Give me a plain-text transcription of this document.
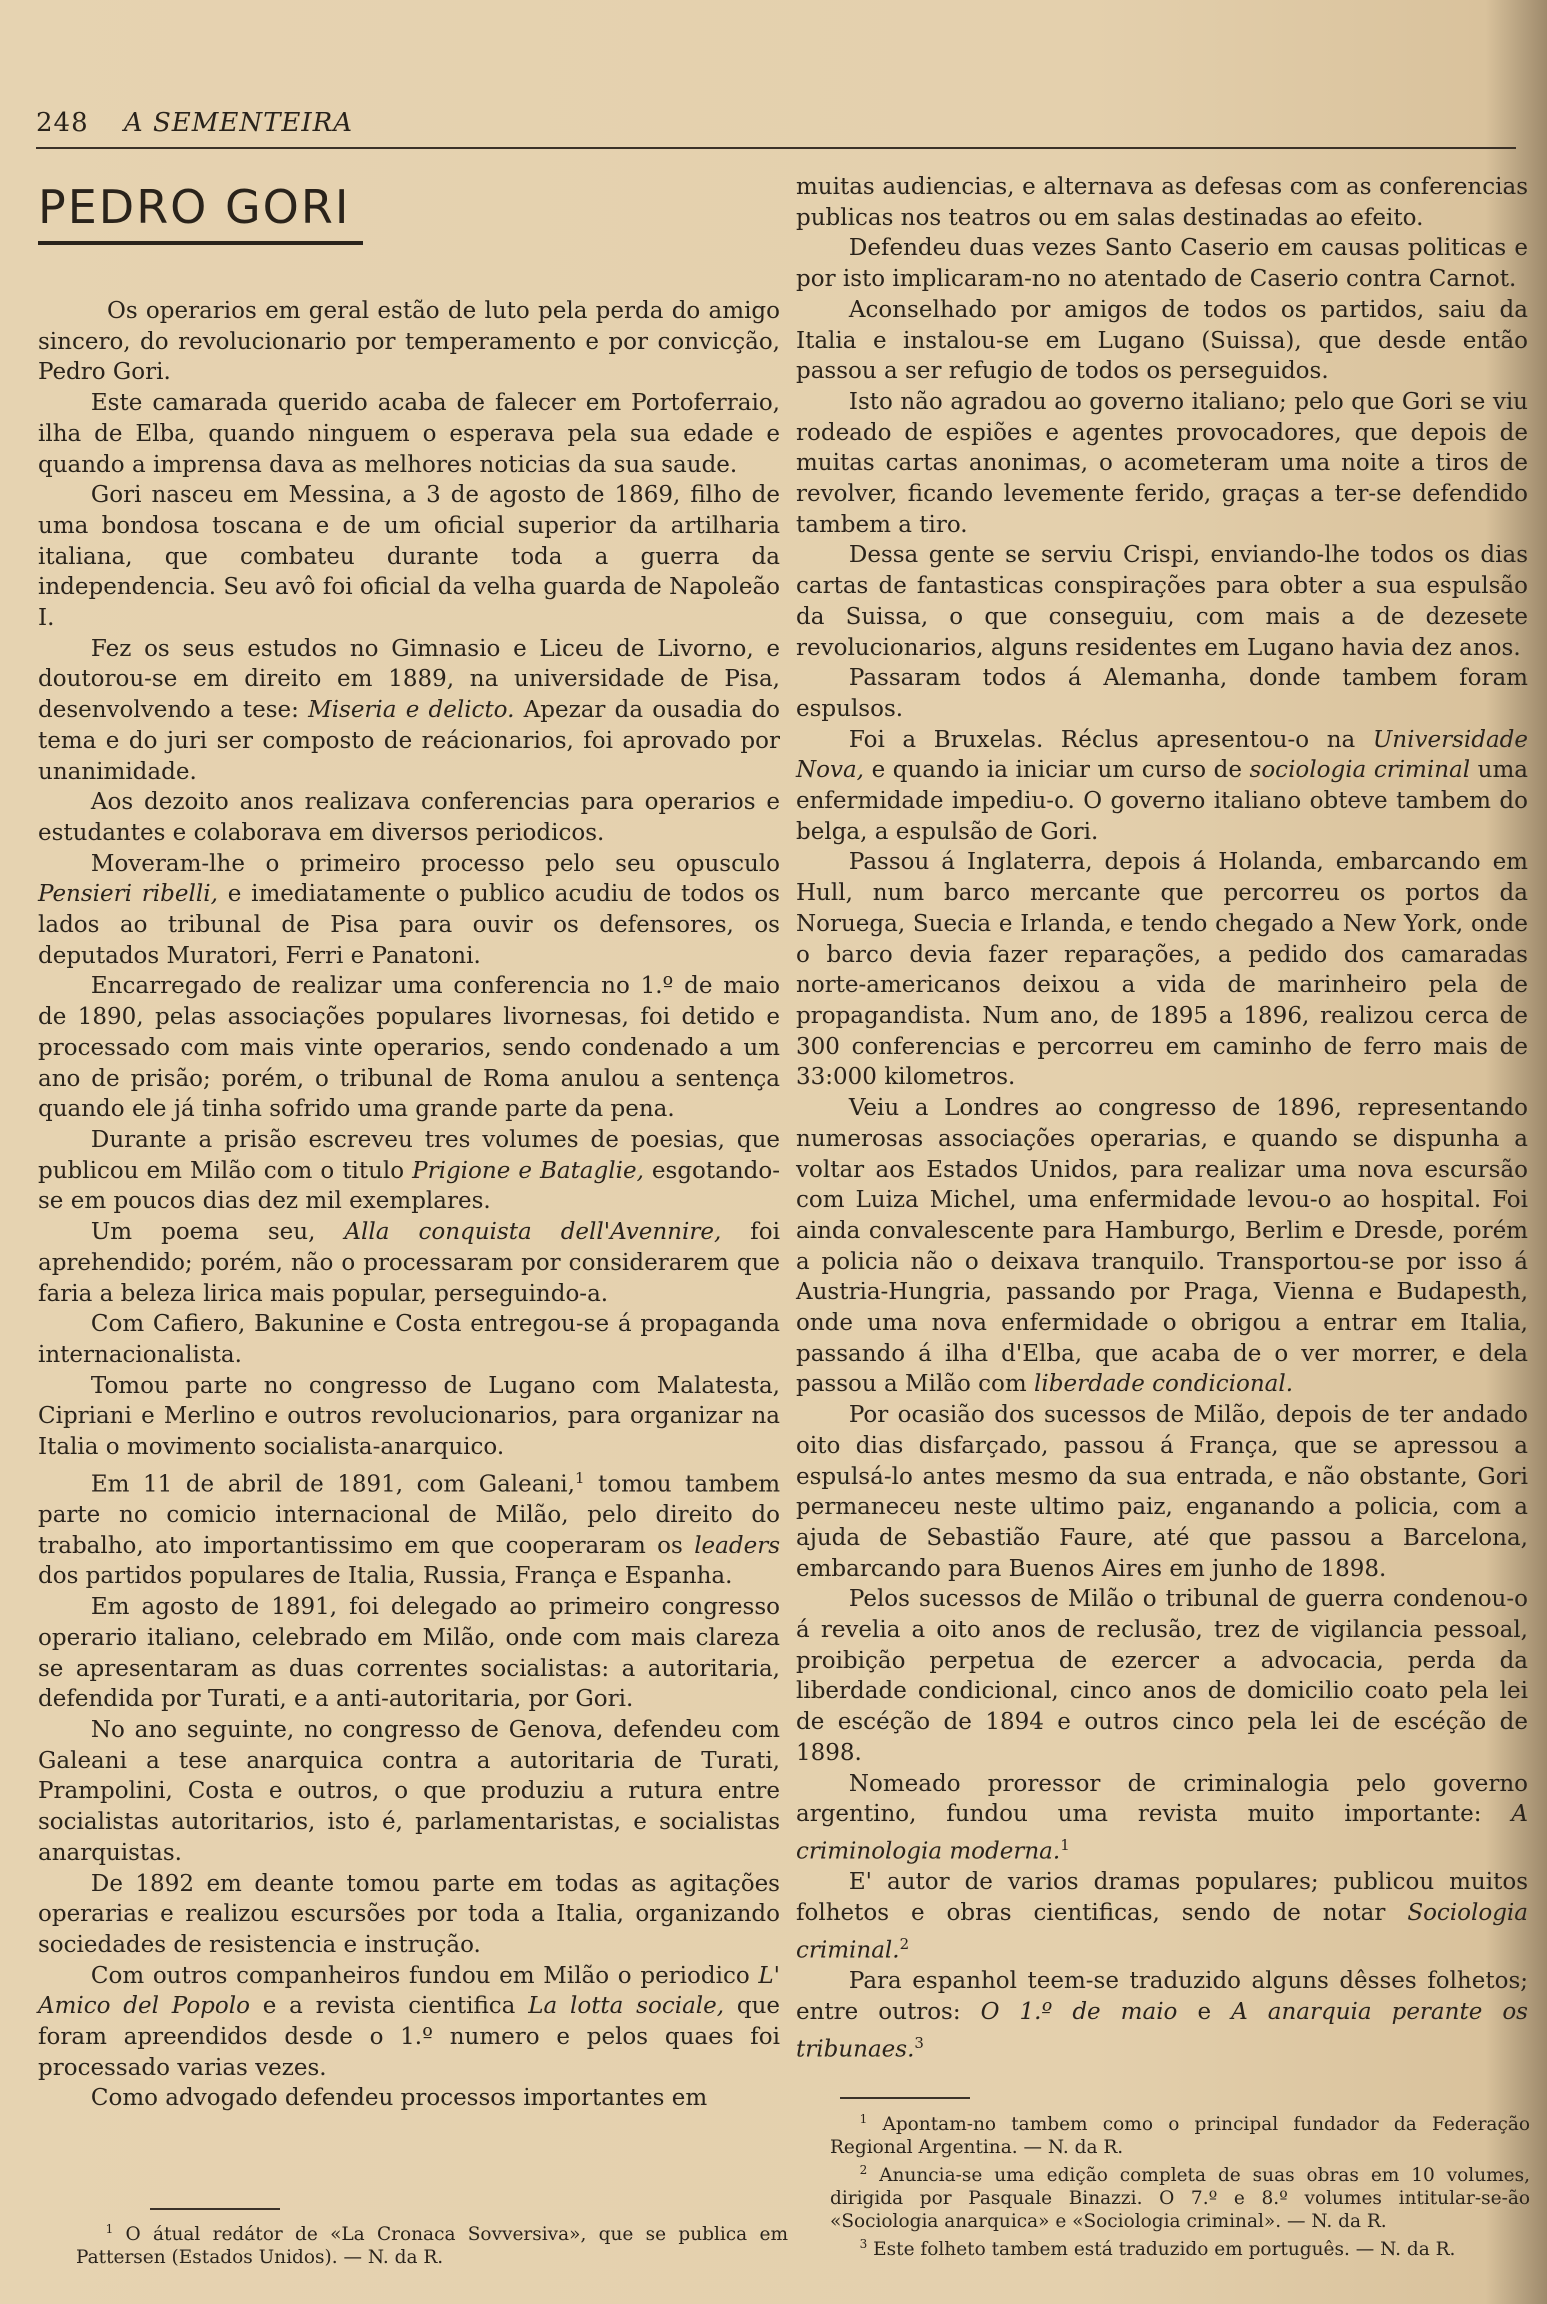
248 A SEMENTEIRA
PEDRO GORI

Os operarios em geral estão de luto pela perda do amigo sincero, do revolucionario por temperamento e por convicção, Pedro Gori.

Este camarada querido acaba de falecer em Portoferraio, ilha de Elba, quando ninguem o esperava pela sua edade e quando a imprensa dava as melhores noticias da sua saude.

Gori nasceu em Messina, a 3 de agosto de 1869, filho de uma bondosa toscana e de um oficial superior da artilharia italiana, que combateu durante toda a guerra da independencia. Seu avô foi oficial da velha guarda de Napoleão I.

Fez os seus estudos no Gimnasio e Liceu de Livorno, e doutorou-se em direito em 1889, na universidade de Pisa, desenvolvendo a tese: Miseria e delicto. Apezar da ousadia do tema e do juri ser composto de reácionarios, foi aprovado por unanimidade.

Aos dezoito anos realizava conferencias para operarios e estudantes e colaborava em diversos periodicos.

Moveram-lhe o primeiro processo pelo seu opusculo Pensieri ribelli, e imediatamente o publico acudiu de todos os lados ao tribunal de Pisa para ouvir os defensores, os deputados Muratori, Ferri e Panatoni.

Encarregado de realizar uma conferencia no 1.º de maio de 1890, pelas associações populares livornesas, foi detido e processado com mais vinte operarios, sendo condenado a um ano de prisão; porém, o tribunal de Roma anulou a sentença quando ele já tinha sofrido uma grande parte da pena.

Durante a prisão escreveu tres volumes de poesias, que publicou em Milão com o titulo Prigione e Bataglie, esgotando-se em poucos dias dez mil exemplares.

Um poema seu, Alla conquista dell'Avennire, foi aprehendido; porém, não o processaram por considerarem que faria a beleza lirica mais popular, perseguindo-a.

Com Cafiero, Bakunine e Costa entregou-se á propaganda internacionalista.

Tomou parte no congresso de Lugano com Malatesta, Cipriani e Merlino e outros revolucionarios, para organizar na Italia o movimento socialista-anarquico.

Em 11 de abril de 1891, com Galeani,$^1$ tomou tambem parte no comicio internacional de Milão, pelo direito do trabalho, ato importantissimo em que cooperaram os leaders dos partidos populares de Italia, Russia, França e Espanha.

Em agosto de 1891, foi delegado ao primeiro congresso operario italiano, celebrado em Milão, onde com mais clareza se apresentaram as duas correntes socialistas: a autoritaria, defendida por Turati, e a anti-autoritaria, por Gori.

No ano seguinte, no congresso de Genova, defendeu com Galeani a tese anarquica contra a autoritaria de Turati, Prampolini, Costa e outros, o que produziu a rutura entre socialistas autoritarios, isto é, parlamentaristas, e socialistas anarquistas.

De 1892 em deante tomou parte em todas as agitações operarias e realizou escursões por toda a Italia, organizando sociedades de resistencia e instrução.

Com outros companheiros fundou em Milão o periodico L' Amico del Popolo e a revista cientifica La lotta sociale, que foram apreendidos desde o 1.º numero e pelos quaes foi processado varias vezes.

Como advogado defendeu processos importantes em

muitas audiencias, e alternava as defesas com as conferencias publicas nos teatros ou em salas destinadas ao efeito.

Defendeu duas vezes Santo Caserio em causas politicas e por isto implicaram-no no atentado de Caserio contra Carnot.

Aconselhado por amigos de todos os partidos, saiu da Italia e instalou-se em Lugano (Suissa), que desde então passou a ser refugio de todos os perseguidos.

Isto não agradou ao governo italiano; pelo que Gori se viu rodeado de espiões e agentes provocadores, que depois de muitas cartas anonimas, o acometeram uma noite a tiros de revolver, ficando levemente ferido, graças a ter-se defendido tambem a tiro.

Dessa gente se serviu Crispi, enviando-lhe todos os dias cartas de fantasticas conspirações para obter a sua espulsão da Suissa, o que conseguiu, com mais a de dezesete revolucionarios, alguns residentes em Lugano havia dez anos.

Passaram todos á Alemanha, donde tambem foram espulsos.

Foi a Bruxelas. Réclus apresentou-o na Universidade Nova, e quando ia iniciar um curso de sociologia criminal uma enfermidade impediu-o. O governo italiano obteve tambem do belga, a espulsão de Gori.

Passou á Inglaterra, depois á Holanda, embarcando em Hull, num barco mercante que percorreu os portos da Noruega, Suecia e Irlanda, e tendo chegado a New York, onde o barco devia fazer reparações, a pedido dos camaradas norte-americanos deixou a vida de marinheiro pela de propagandista. Num ano, de 1895 a 1896, realizou cerca de 300 conferencias e percorreu em caminho de ferro mais de 33:000 kilometros.

Veiu a Londres ao congresso de 1896, representando numerosas associações operarias, e quando se dispunha a voltar aos Estados Unidos, para realizar uma nova escursão com Luiza Michel, uma enfermidade levou-o ao hospital. Foi ainda convalescente para Hamburgo, Berlim e Dresde, porém a policia não o deixava tranquilo. Transportou-se por isso á Austria-Hungria, passando por Praga, Vienna e Budapesth, onde uma nova enfermidade o obrigou a entrar em Italia, passando á ilha d'Elba, que acaba de o ver morrer, e dela passou a Milão com liberdade condicional.

Por ocasião dos sucessos de Milão, depois de ter andado oito dias disfarçado, passou á França, que se apressou a espulsá-lo antes mesmo da sua entrada, e não obstante, Gori permaneceu neste ultimo paiz, enganando a policia, com a ajuda de Sebastião Faure, até que passou a Barcelona, embarcando para Buenos Aires em junho de 1898.

Pelos sucessos de Milão o tribunal de guerra condenou-o á revelia a oito anos de reclusão, trez de vigilancia pessoal, proibição perpetua de ezercer a advocacia, perda da liberdade condicional, cinco anos de domicilio coato pela lei de escéção de 1894 e outros cinco pela lei de escéção de 1898.

Nomeado proressor de criminalogia pelo governo argentino, fundou uma revista muito importante: A criminologia moderna.$^1$

E' autor de varios dramas populares; publicou muitos folhetos e obras cientificas, sendo de notar Sociologia criminal.$^2$

Para espanhol teem-se traduzido alguns dêsses folhetos; entre outros: O 1.º de maio e A anarquia perante os tribunaes.$^3$

$^1$ O átual redátor de «La Cronaca Sovversiva», que se publica em Pattersen (Estados Unidos). — N. da R.

$^1$ Apontam-no tambem como o principal fundador da Federação Regional Argentina. — N. da R.

$^2$ Anuncia-se uma edição completa de suas obras em 10 volumes, dirigida por Pasquale Binazzi. O 7.º e 8.º volumes intitular-se-ão «Sociologia anarquica» e «Sociologia criminal». — N. da R.

$^3$ Este folheto tambem está traduzido em português. — N. da R.
